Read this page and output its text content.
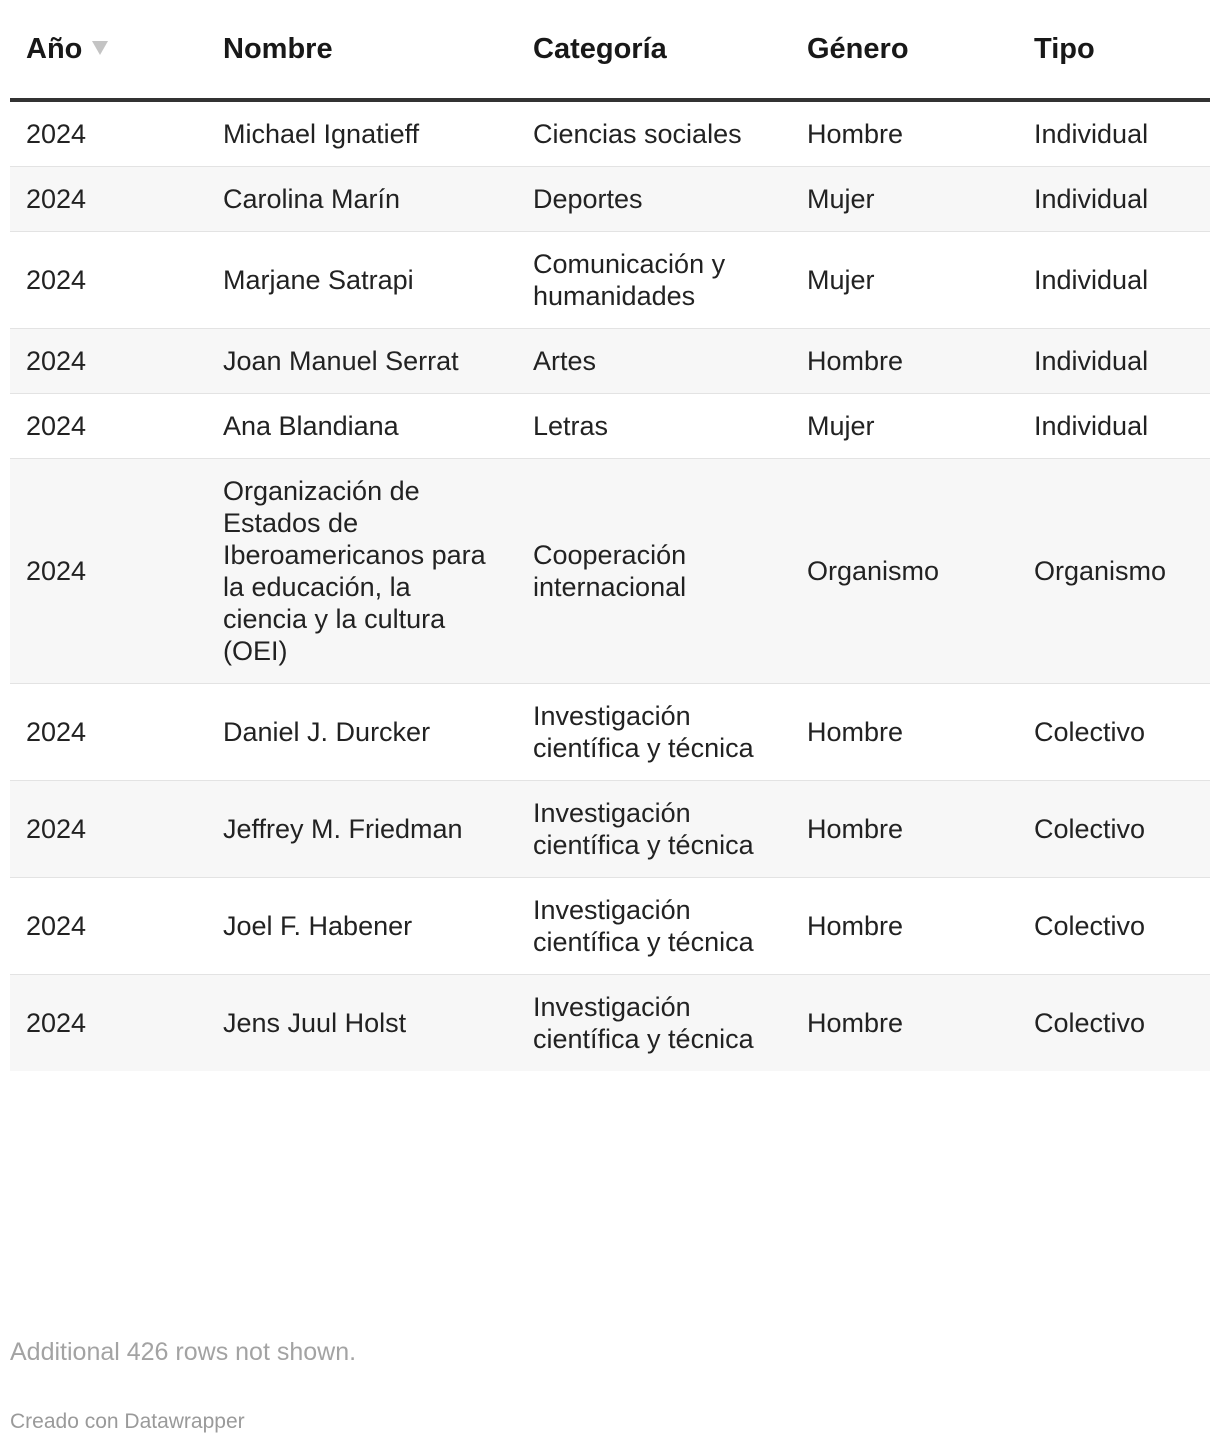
Año	Nombre	Categoría	Género	Tipo
2024	Michael Ignatieff	Ciencias sociales	Hombre	Individual
2024	Carolina Marín	Deportes	Mujer	Individual
2024	Marjane Satrapi	Comunicación y humanidades	Mujer	Individual
2024	Joan Manuel Serrat	Artes	Hombre	Individual
2024	Ana Blandiana	Letras	Mujer	Individual
2024	Organización de Estados de Iberoamericanos para la educación, la ciencia y la cultura (OEI)	Cooperación internacional	Organismo	Organismo
2024	Daniel J. Durcker	Investigación científica y técnica	Hombre	Colectivo
2024	Jeffrey M. Friedman	Investigación científica y técnica	Hombre	Colectivo
2024	Joel F. Habener	Investigación científica y técnica	Hombre	Colectivo
2024	Jens Juul Holst	Investigación científica y técnica	Hombre	Colectivo
Additional 426 rows not shown.
Creado con Datawrapper
